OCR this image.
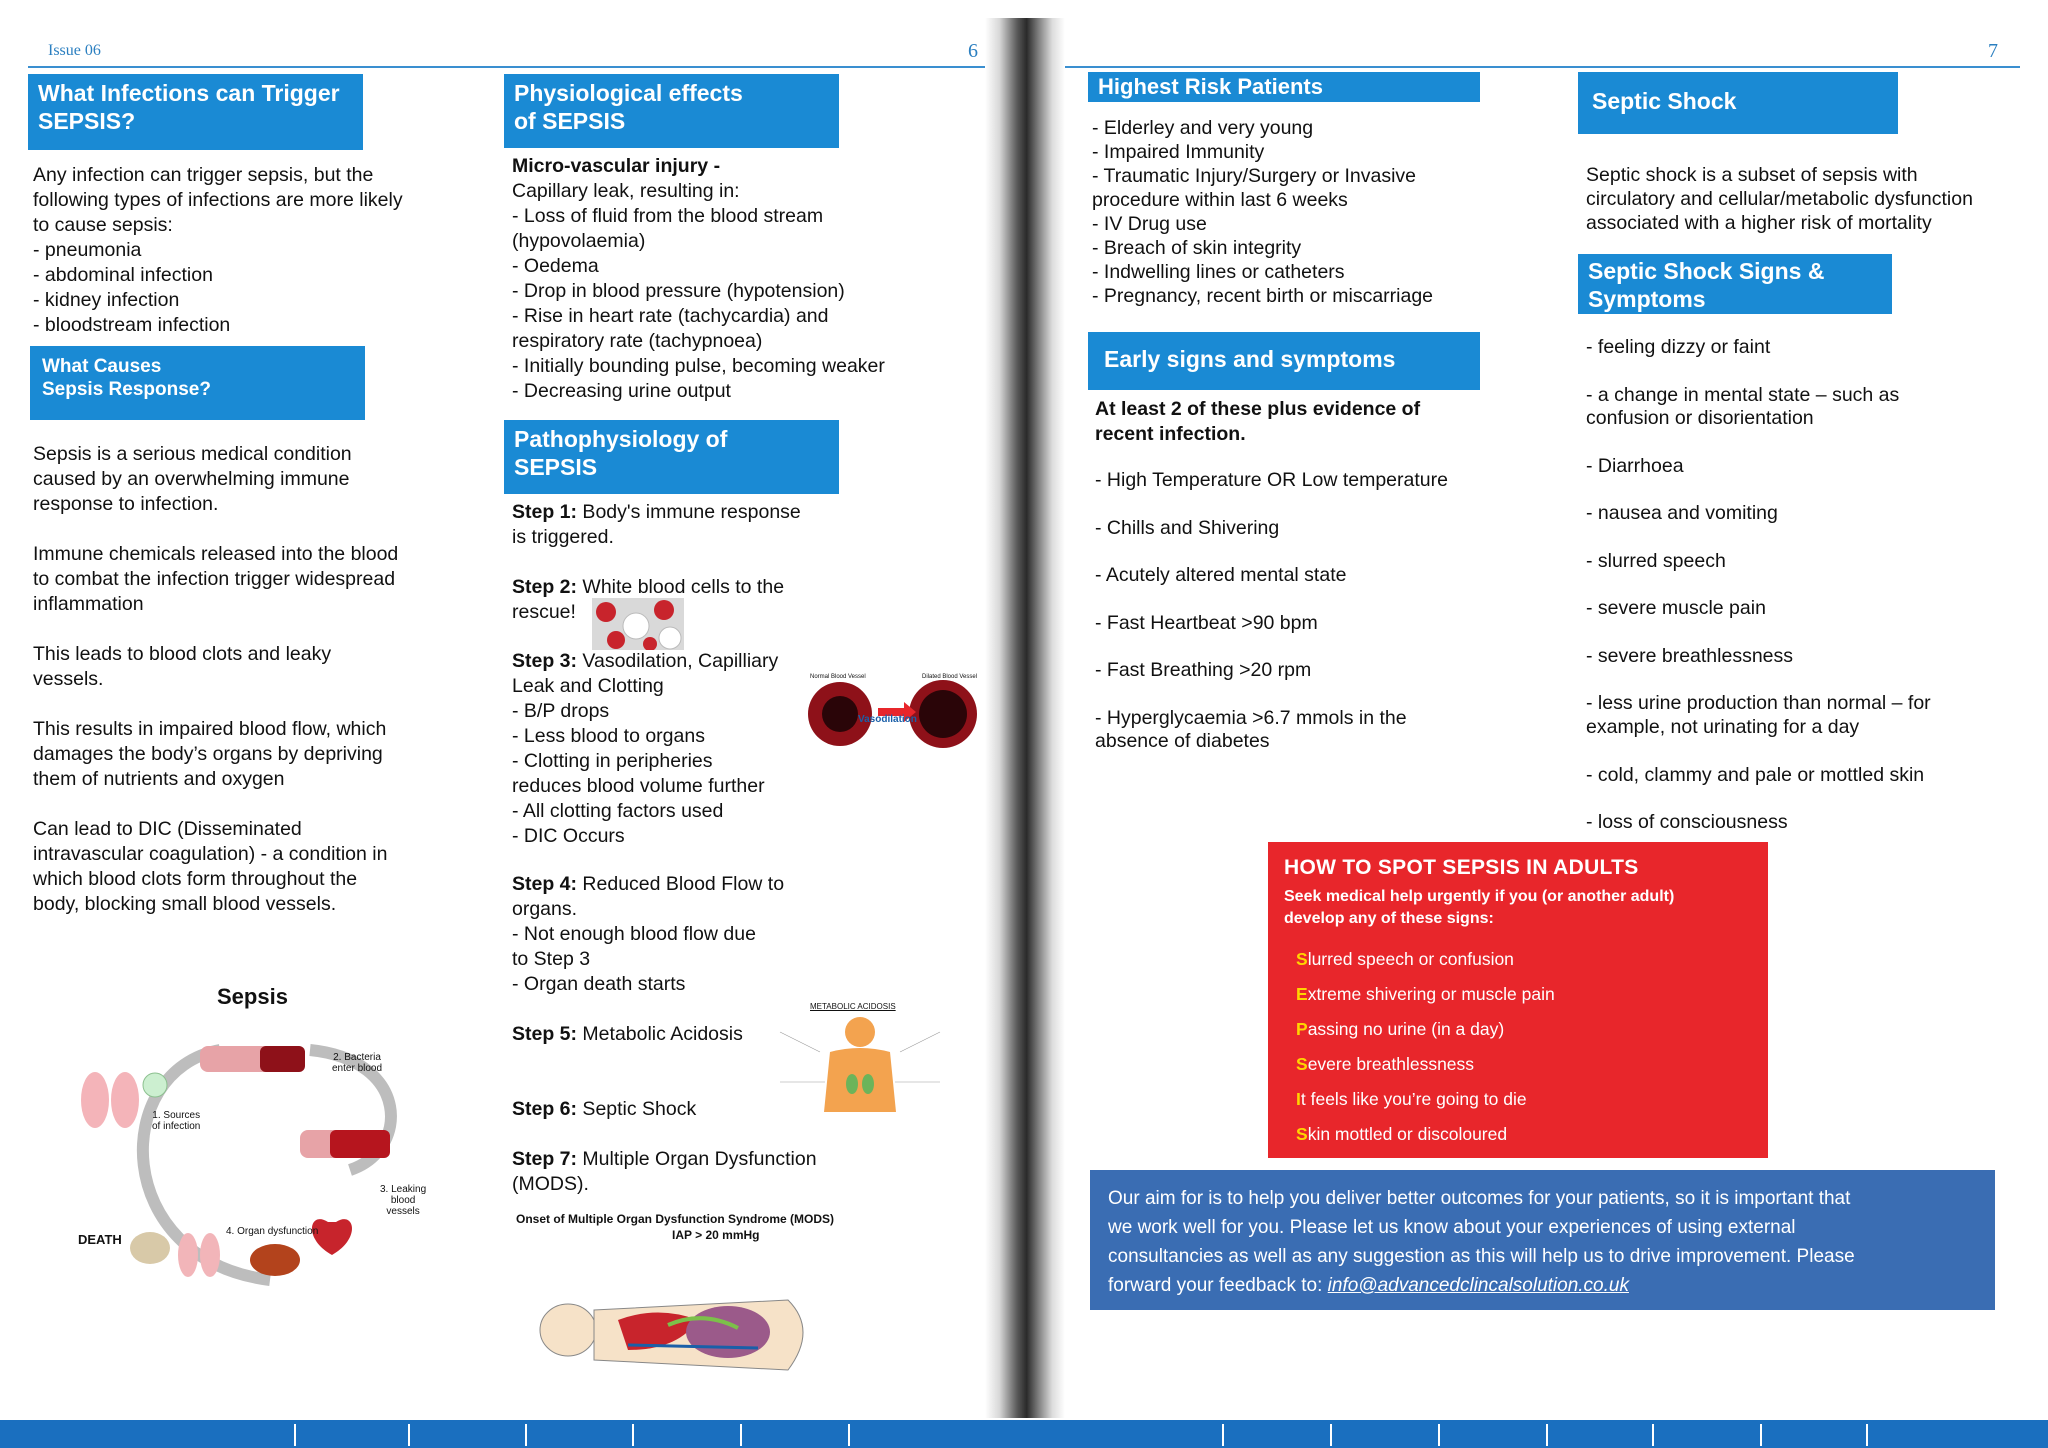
Issue 06	6	7
What Infections can Trigger SEPSIS?
Any infection can trigger sepsis, but the
following types of infections are more likely
to cause sepsis:
- pneumonia
- abdominal infection
- kidney infection
- bloodstream infection
What Causes
Sepsis Response?
Sepsis is a serious medical condition
caused by an overwhelming immune
response to infection.

Immune chemicals released into the blood
to combat the infection trigger widespread
inflammation

This leads to blood clots and leaky
vessels.

This results in impaired blood flow, which
damages the body’s organs by depriving
them of nutrients and oxygen

Can lead to DIC (Disseminated
intravascular coagulation) - a condition in
which blood clots form throughout the
body, blocking small blood vessels.
Sepsis
2. Bacteria
enter blood
1. Sources
of infection
3. Leaking
blood
vessels
4. Organ dysfunction
DEATH
Physiological effects
of SEPSIS
Micro-vascular injury -
Capillary leak, resulting in:
- Loss of fluid from the blood stream
(hypovolaemia)
- Oedema
- Drop in blood pressure (hypotension)
- Rise in heart rate (tachycardia) and
respiratory rate (tachypnoea)
- Initially bounding pulse, becoming weaker
- Decreasing urine output
Pathophysiology of
SEPSIS
Step 1: Body's immune response
is triggered.
Step 2: White blood cells to the
rescue!
Step 3: Vasodilation, Capilliary
Leak and Clotting
- B/P drops
- Less blood to organs
- Clotting in peripheries
reduces blood volume further
- All clotting factors used
- DIC Occurs
Normal Blood Vessel	Dilated Blood Vessel
Vasodilation
Step 4: Reduced Blood Flow to
organs.
- Not enough blood flow due
to Step 3
- Organ death starts
Step 5: Metabolic Acidosis
METABOLIC ACIDOSIS
Step 6: Septic Shock
Step 7: Multiple Organ Dysfunction
(MODS).
Onset of Multiple Organ Dysfunction Syndrome (MODS)
IAP > 20 mmHg
Highest Risk Patients
- Elderley and very young
- Impaired Immunity
- Traumatic Injury/Surgery or Invasive
procedure within last 6 weeks
- IV Drug use
- Breach of skin integrity
- Indwelling lines or catheters
- Pregnancy, recent birth or miscarriage
Early signs and symptoms
At least 2 of these plus evidence of
recent infection.
- High Temperature OR Low temperature

- Chills and Shivering

- Acutely altered mental state

- Fast Heartbeat >90 bpm

- Fast Breathing >20 rpm

- Hyperglycaemia >6.7 mmols in the
absence of diabetes
Septic Shock
Septic shock is a subset of sepsis with
circulatory and cellular/metabolic dysfunction
associated with a higher risk of mortality
Septic Shock Signs &
Symptoms
- feeling dizzy or faint

- a change in mental state – such as
confusion or disorientation

- Diarrhoea

- nausea and vomiting

- slurred speech

- severe muscle pain

- severe breathlessness

- less urine production than normal – for
example, not urinating for a day

- cold, clammy and pale or mottled skin

- loss of consciousness
HOW TO SPOT SEPSIS IN ADULTS
Seek medical help urgently if you (or another adult)
develop any of these signs:
Slurred speech or confusion
Extreme shivering or muscle pain
Passing no urine (in a day)
Severe breathlessness
It feels like you’re going to die
Skin mottled or discoloured
Our aim for is to help you deliver better outcomes for your patients, so it is important that
we work well for you. Please let us know about your experiences of using external
consultancies as well as any suggestion as this will help us to drive improvement. Please
forward your feedback to: info@advancedclincalsolution.co.uk
